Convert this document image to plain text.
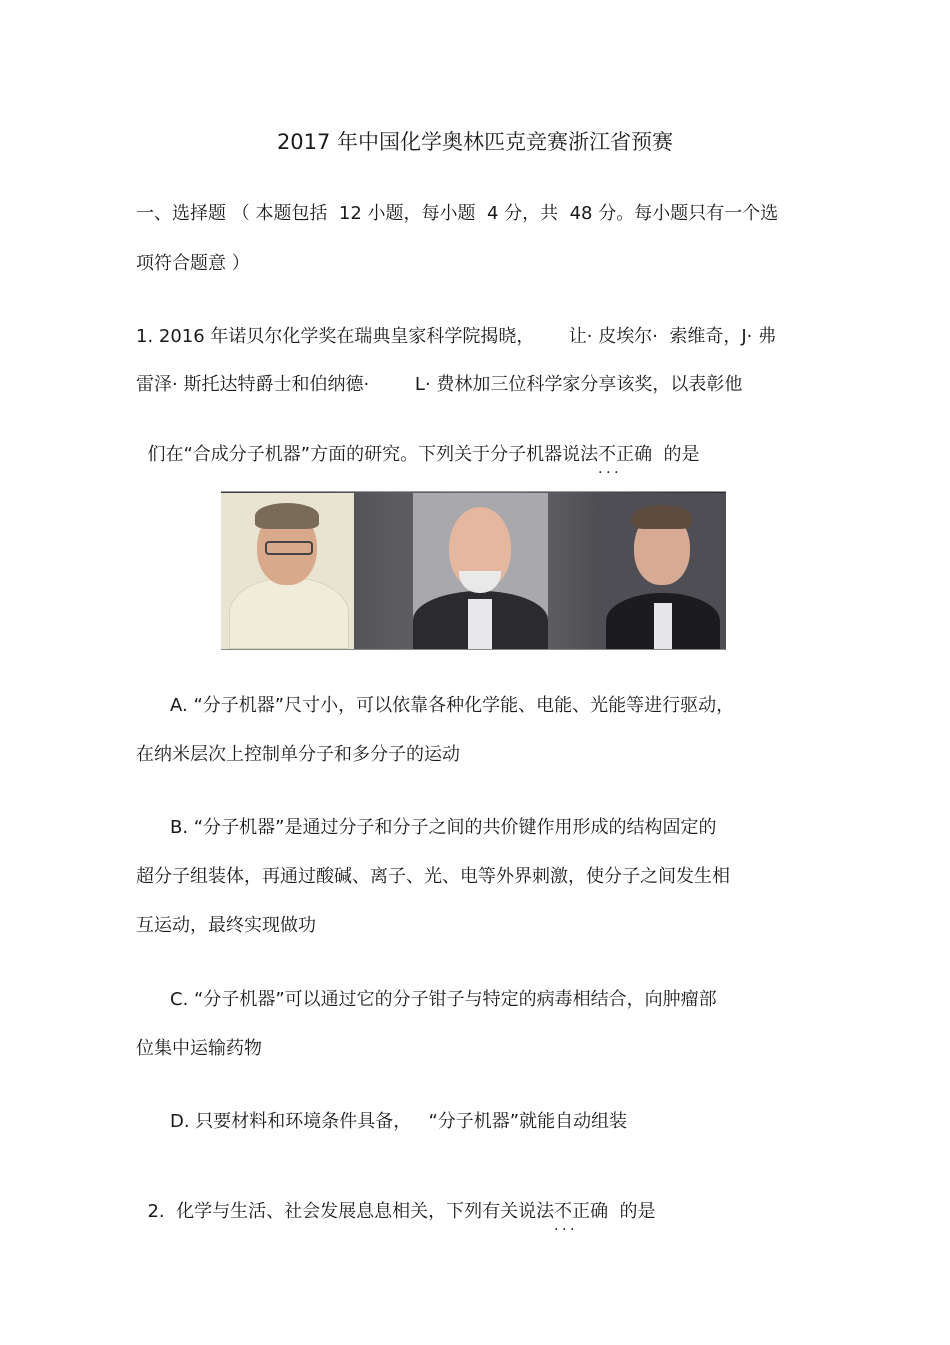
2017 年中国化学奥林匹克竞赛浙江省预赛
一、选择题 （ 本题包括  12 小题，每小题  4 分，共  48 分。每小题只有一个选
项符合题意 ）
1. 2016 年诺贝尔化学奖在瑞典皇家科学院揭晓，      让· 皮埃尔·  索维奇，J· 弗
雷泽· 斯托达特爵士和伯纳德·        L· 费林加三位科学家分享该奖，以表彰他

们在“合成分子机器”方面的研究。下列关于分子机器说法不正确 ．．．  的是

A. “分子机器”尺寸小，可以依靠各种化学能、电能、光能等进行驱动，
在纳米层次上控制单分子和多分子的运动
B. “分子机器”是通过分子和分子之间的共价键作用形成的结构固定的
超分子组装体，再通过酸碱、离子、光、电等外界刺激，使分子之间发生相
互运动，最终实现做功
C. “分子机器”可以通过它的分子钳子与特定的病毒相结合，向肿瘤部
位集中运输药物
D. 只要材料和环境条件具备，   “分子机器”就能自动组装

2.  化学与生活、社会发展息息相关，下列有关说法不正确 ．．．  的是
